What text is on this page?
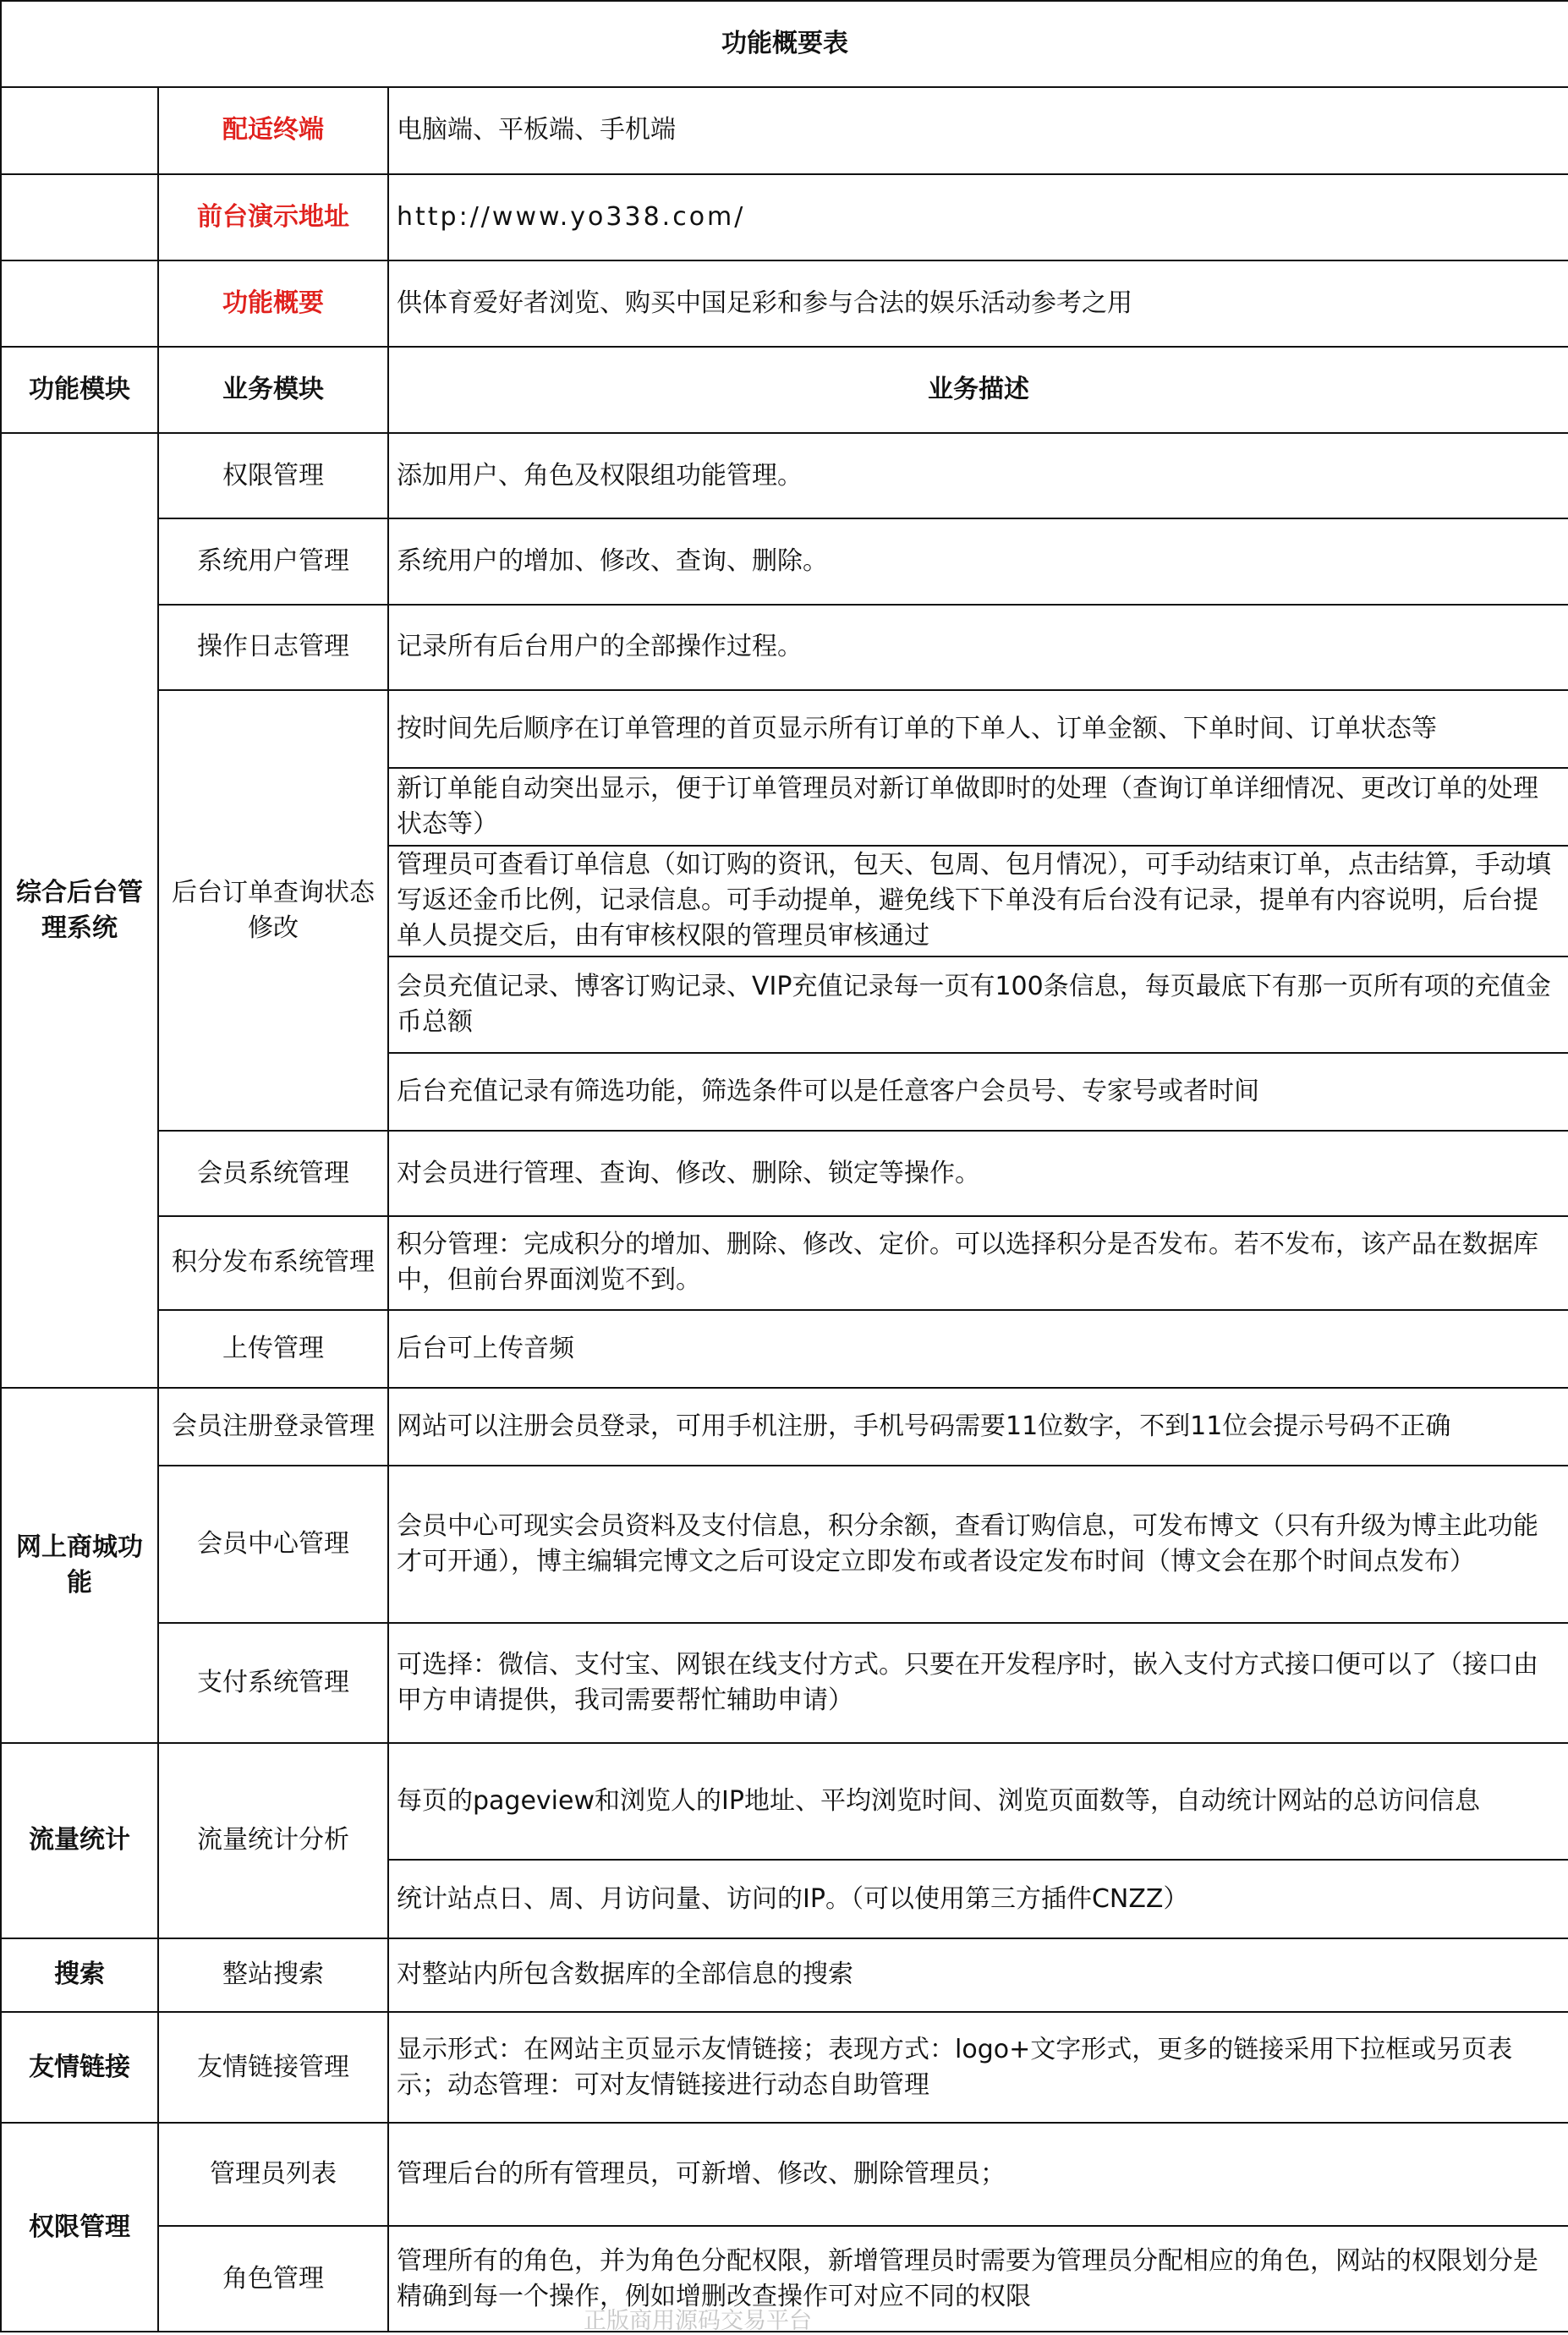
功能概要表		
	配适终端	电脑端、平板端、手机端
	前台演示地址	http://www.yo338.com/
	功能概要	供体育爱好者浏览、购买中国足彩和参与合法的娱乐活动参考之用
功能模块	业务模块	业务描述
综合后台管理系统	权限管理	添加用户、角色及权限组功能管理。
	系统用户管理	系统用户的增加、修改、查询、删除。
	操作日志管理	记录所有后台用户的全部操作过程。
	后台订单查询状态修改	按时间先后顺序在订单管理的首页显示所有订单的下单人、订单金额、下单时间、订单状态等
		新订单能自动突出显示，便于订单管理员对新订单做即时的处理（查询订单详细情况、更改订单的处理状态等）
		管理员可查看订单信息（如订购的资讯，包天、包周、包月情况），可手动结束订单，点击结算，手动填写返还金币比例，记录信息。可手动提单，避免线下下单没有后台没有记录，提单有内容说明，后台提单人员提交后，由有审核权限的管理员审核通过
		会员充值记录、博客订购记录、VIP充值记录每一页有100条信息，每页最底下有那一页所有项的充值金币总额
		后台充值记录有筛选功能，筛选条件可以是任意客户会员号、专家号或者时间
	会员系统管理	对会员进行管理、查询、修改、删除、锁定等操作。
	积分发布系统管理	积分管理：完成积分的增加、删除、修改、定价。可以选择积分是否发布。若不发布，该产品在数据库中，但前台界面浏览不到。
	上传管理	后台可上传音频
网上商城功能	会员注册登录管理	网站可以注册会员登录，可用手机注册，手机号码需要11位数字，不到11位会提示号码不正确
	会员中心管理	会员中心可现实会员资料及支付信息，积分余额，查看订购信息，可发布博文（只有升级为博主此功能才可开通），博主编辑完博文之后可设定立即发布或者设定发布时间（博文会在那个时间点发布）
	支付系统管理	可选择：微信、支付宝、网银在线支付方式。只要在开发程序时，嵌入支付方式接口便可以了（接口由甲方申请提供，我司需要帮忙辅助申请）
流量统计	流量统计分析	每页的pageview和浏览人的IP地址、平均浏览时间、浏览页面数等，自动统计网站的总访问信息
		统计站点日、周、月访问量、访问的IP。（可以使用第三方插件CNZZ）
搜索	整站搜索	对整站内所包含数据库的全部信息的搜索
友情链接	友情链接管理	显示形式：在网站主页显示友情链接；表现方式：logo+文字形式，更多的链接采用下拉框或另页表示；动态管理：可对友情链接进行动态自助管理
权限管理	管理员列表	管理后台的所有管理员，可新增、修改、删除管理员；
	角色管理	管理所有的角色，并为角色分配权限，新增管理员时需要为管理员分配相应的角色，网站的权限划分是精确到每一个操作，例如增删改查操作可对应不同的权限
正版商用源码交易平台
